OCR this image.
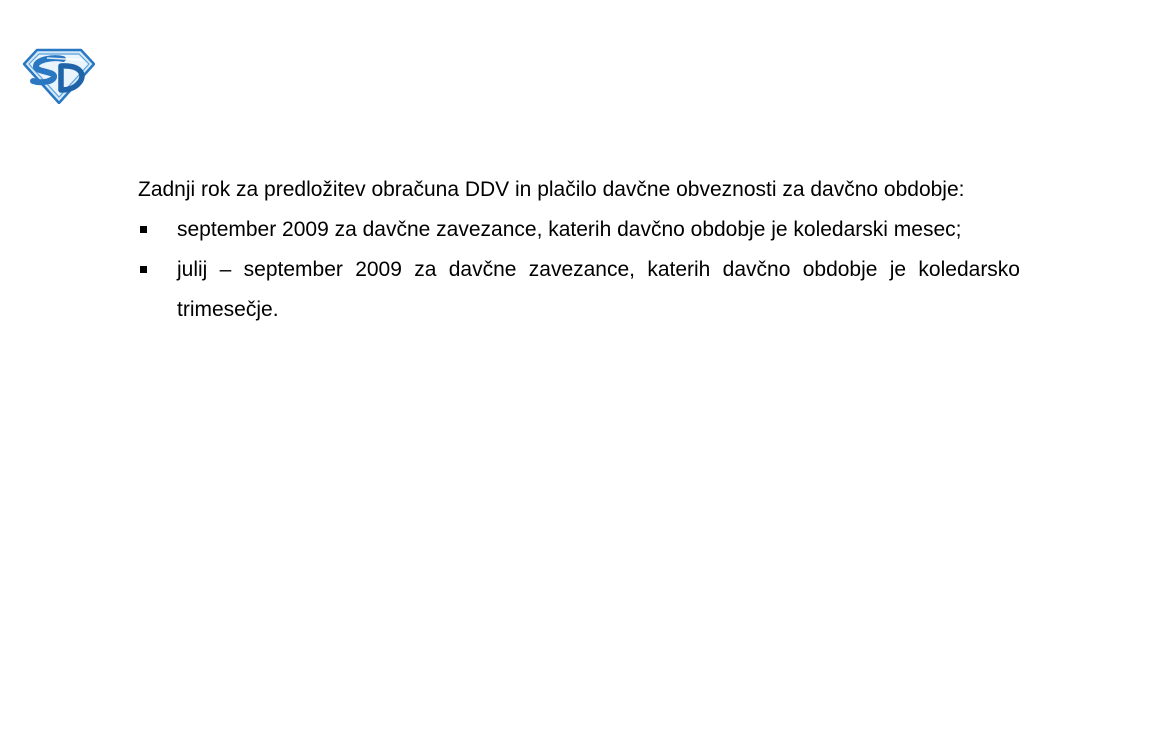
Zadnji rok za predložitev obračuna DDV in plačilo davčne obveznosti za davčno obdobje:

september 2009 za davčne zavezance, katerih davčno obdobje je koledarski mesec;
julij – september 2009 za davčne zavezance, katerih davčno obdobje je koledarsko trimesečje.
